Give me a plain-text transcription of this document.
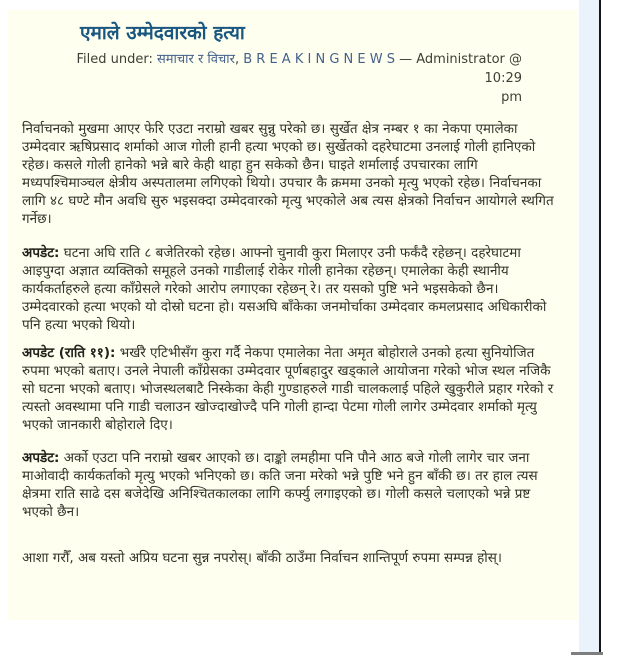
एमाले उम्मेदवारको हत्या
Filed under: समाचार र विचार, B R E A K I N G N E W S — Administrator @ 10:29
pm

निर्वाचनको मुखमा आएर फेरि एउटा नराम्रो खबर सुन्नु परेको छ। सुर्खेत क्षेत्र नम्बर १ का नेकपा एमालेका उम्मेदवार ऋषिप्रसाद शर्माको आज गोली हानी हत्या भएको छ। सुर्खेतको दहरेघाटमा उनलाई गोली हानिएको रहेछ। कसले गोली हानेको भन्ने बारे केही थाहा हुन सकेको छैन। घाइते शर्मालाई उपचारका लागि मध्यपश्चिमाञ्चल क्षेत्रीय अस्पतालमा लगिएको थियो। उपचार कै क्रममा उनको मृत्यु भएको रहेछ। निर्वाचनका लागि ४८ घण्टे मौन अवधि सुरु भइसक्दा उम्मेदवारको मृत्यु भएकोले अब त्यस क्षेत्रको निर्वाचन आयोगले स्थगित गर्नेछ।

अपडेट: घटना अघि राति ८ बजेतिरको रहेछ। आफ्नो चुनावी कुरा मिलाएर उनी फर्कंदै रहेछन्। दहरेघाटमा आइपुग्दा अज्ञात व्यक्तिको समूहले उनको गाडीलाई रोकेर गोली हानेका रहेछन्। एमालेका केही स्थानीय कार्यकर्ताहरुले हत्या काँग्रेसले गरेको आरोप लगाएका रहेछन् रे। तर यसको पुष्टि भने भइसकेको छैन।
उम्मेदवारको हत्या भएको यो दोस्रो घटना हो। यसअघि बाँकेका जनमोर्चाका उम्मेदवार कमलप्रसाद अधिकारीको पनि हत्या भएको थियो।

अपडेट (राति ११): भर्खरै एटिभीसँग कुरा गर्दै नेकपा एमालेका नेता अमृत बोहोराले उनको हत्या सुनियोजित रुपमा भएको बताए। उनले नेपाली काँग्रेसका उम्मेदवार पूर्णबहादुर खड्काले आयोजना गरेको भोज स्थल नजिकै सो घटना भएको बताए। भोजस्थलबाटै निस्केका केही गुण्डाहरुले गाडी चालकलाई पहिले खुकुरीले प्रहार गरेको र त्यस्तो अवस्थामा पनि गाडी चलाउन खोज्दाखोज्दै पनि गोली हान्दा पेटमा गोली लागेर उम्मेदवार शर्माको मृत्यु भएको जानकारी बोहोराले दिए।

अपडेट: अर्को एउटा पनि नराम्रो खबर आएको छ। दाङ्को लमहीमा पनि पौने आठ बजे गोली लागेर चार जना माओवादी कार्यकर्ताको मृत्यु भएको भनिएको छ। कति जना मरेको भन्ने पुष्टि भने हुन बाँकी छ। तर हाल त्यस क्षेत्रमा राति साढे दस बजेदेखि अनिश्चितकालका लागि कर्फ्यु लगाइएको छ। गोली कसले चलाएको भन्ने प्रष्ट भएको छैन।

आशा गरौँ, अब यस्तो अप्रिय घटना सुन्न नपरोस्। बाँकी ठाउँमा निर्वाचन शान्तिपूर्ण रुपमा सम्पन्न होस्।
